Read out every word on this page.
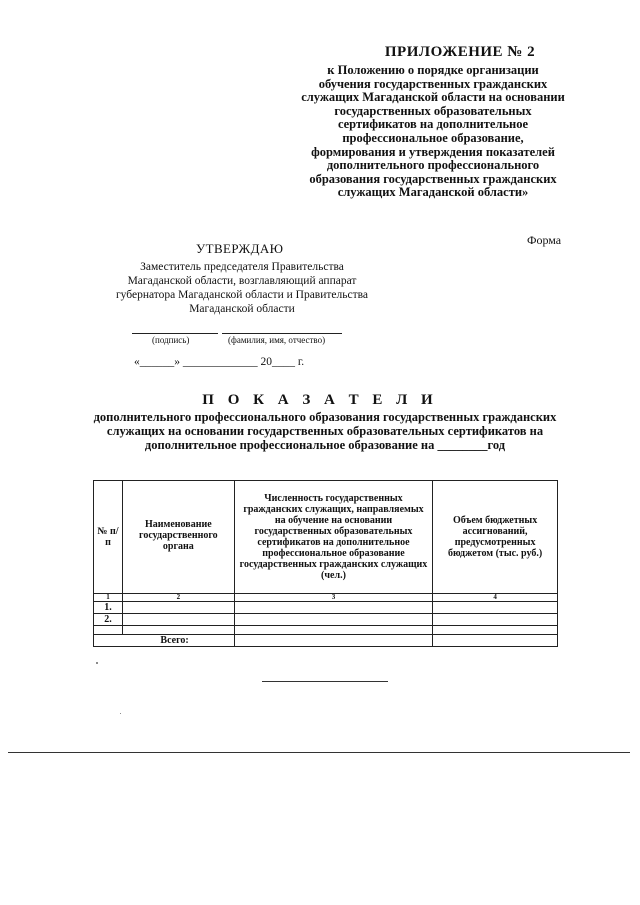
ПРИЛОЖЕНИЕ № 2
к Положению о порядке организации обучения государственных гражданских служащих Магаданской области на основании государственных образовательных сертификатов на дополнительное профессиональное образование, формирования и утверждения показателей дополнительного профессионального образования государственных гражданских служащих Магаданской области»
Форма
УТВЕРЖДАЮ
Заместитель председателя Правительства Магаданской области, возглавляющий аппарат губернатора Магаданской области и Правительства Магаданской области
(подпись)	(фамилия, имя, отчество)
«______» _____________ 20____ г.
П О К А З А Т Е Л И
дополнительного профессионального образования государственных гражданских служащих на основании государственных образовательных сертификатов на дополнительное профессиональное образование на ________год
№ п/п	Наименование государственного органа	Численность государственных гражданских служащих, направляемых на обучение на основании государственных образовательных сертификатов на дополнительное профессиональное образование государственных гражданских служащих (чел.)	Объем бюджетных ассигнований, предусмотренных бюджетом (тыс. руб.)
1	2	3	4
1.			
2.			

	Всего:		
